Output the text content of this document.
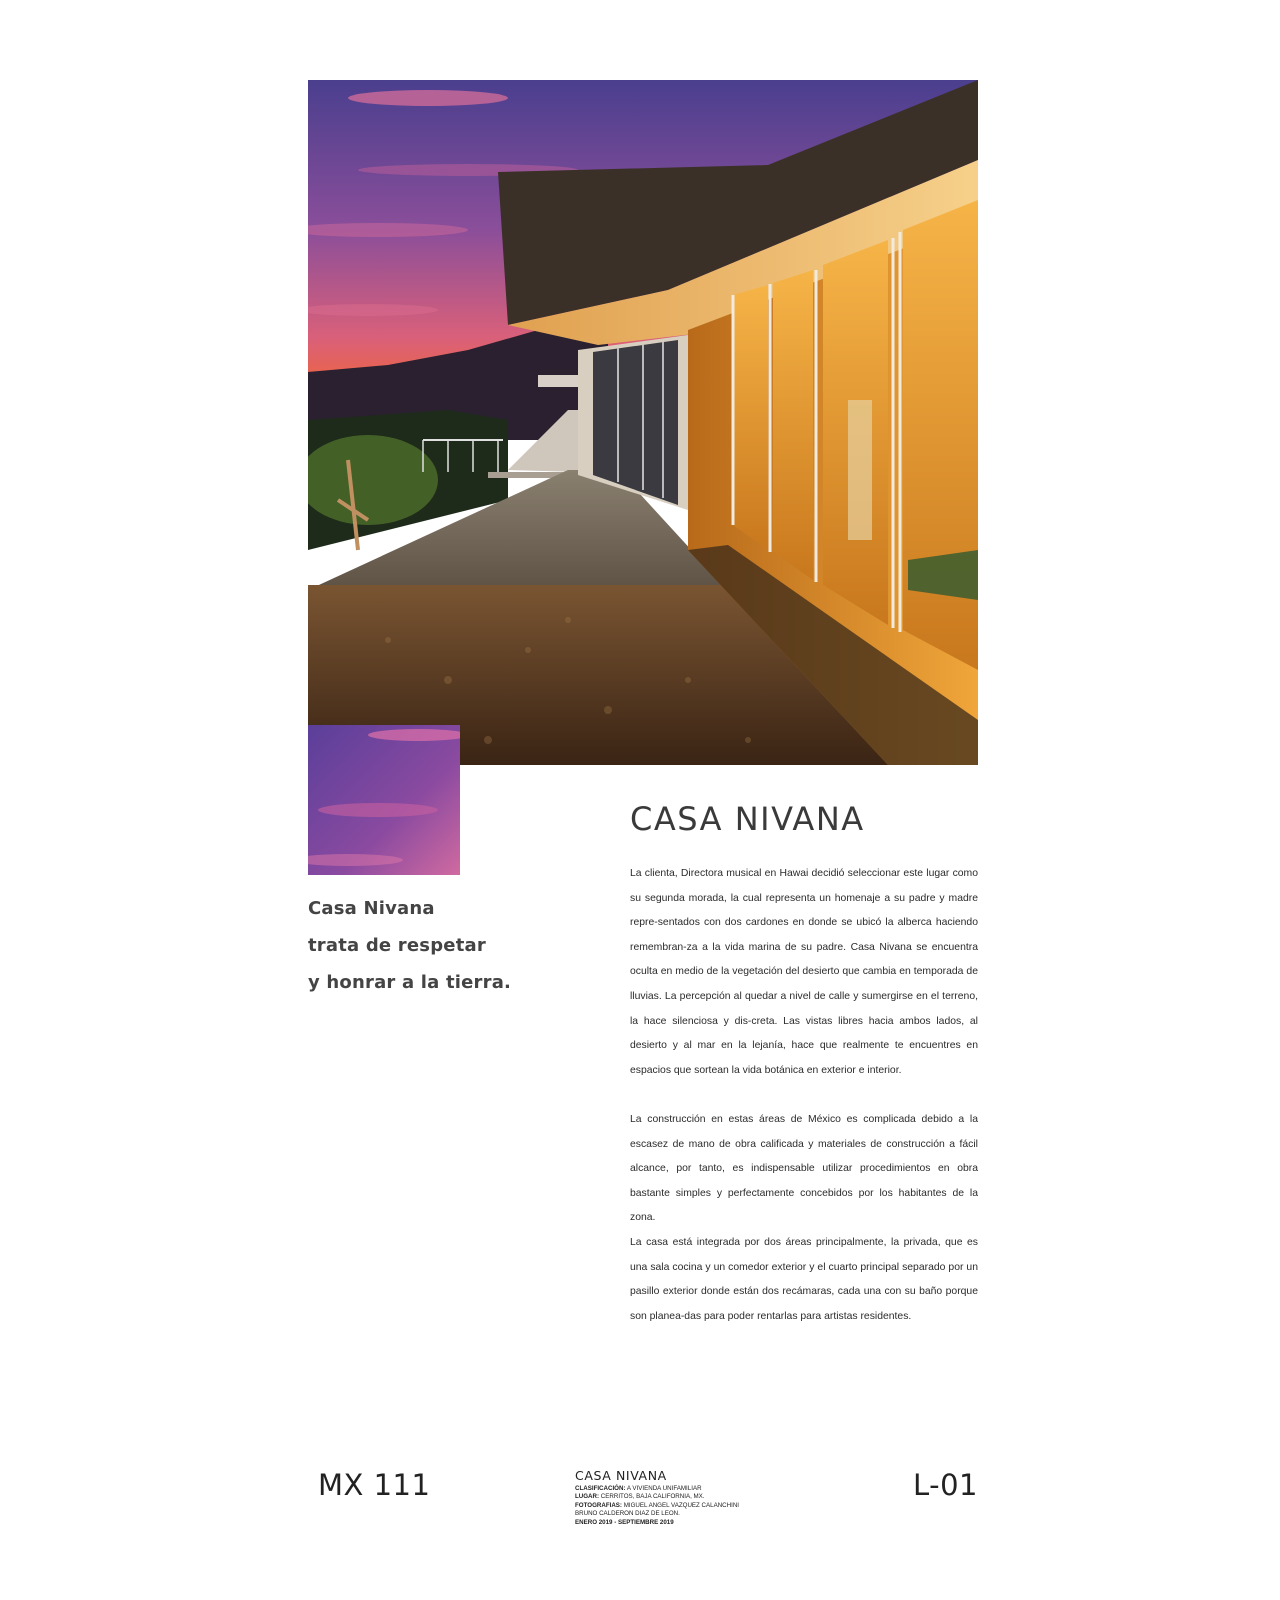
Casa Nivana
trata de respetar
y honrar a la tierra.
CASA NIVANA

La clienta, Directora musical en Hawai decidió seleccionar este lugar como su segunda morada, la cual representa un homenaje a su padre y madre repre-sentados con dos cardones en donde se ubicó la alberca haciendo remembran-za a la vida marina de su padre. Casa Nivana se encuentra oculta en medio de la vegetación del desierto que cambia en temporada de lluvias. La percepción al quedar a nivel de calle y sumergirse en el terreno, la hace silenciosa y dis-creta. Las vistas libres hacia ambos lados, al desierto y al mar en la lejanía, hace que realmente te encuentres en espacios que sortean la vida botánica en exterior e interior.

La construcción en estas áreas de México es complicada debido a la escasez de mano de obra calificada y materiales de construcción a fácil alcance, por tanto, es indispensable utilizar procedimientos en obra bastante simples y perfectamente concebidos por los habitantes de la zona.

La casa está integrada por dos áreas principalmente, la privada, que es una sala cocina y un comedor exterior y el cuarto principal separado por un pasillo exterior donde están dos recámaras, cada una con su baño porque son planea-das para poder rentarlas para artistas residentes.

MX 111	CASA NIVANA
CLASIFICACIÓN: A VIVIENDA UNIFAMILIAR
LUGAR: CERRITOS, BAJA CALIFORNIA, MX.
FOTOGRAFIAS: MIGUEL ANGEL VAZQUEZ CALANCHINI
BRUNO CALDERON DIAZ DE LEON.
ENERO 2019 - SEPTIEMBRE 2019
L-01
